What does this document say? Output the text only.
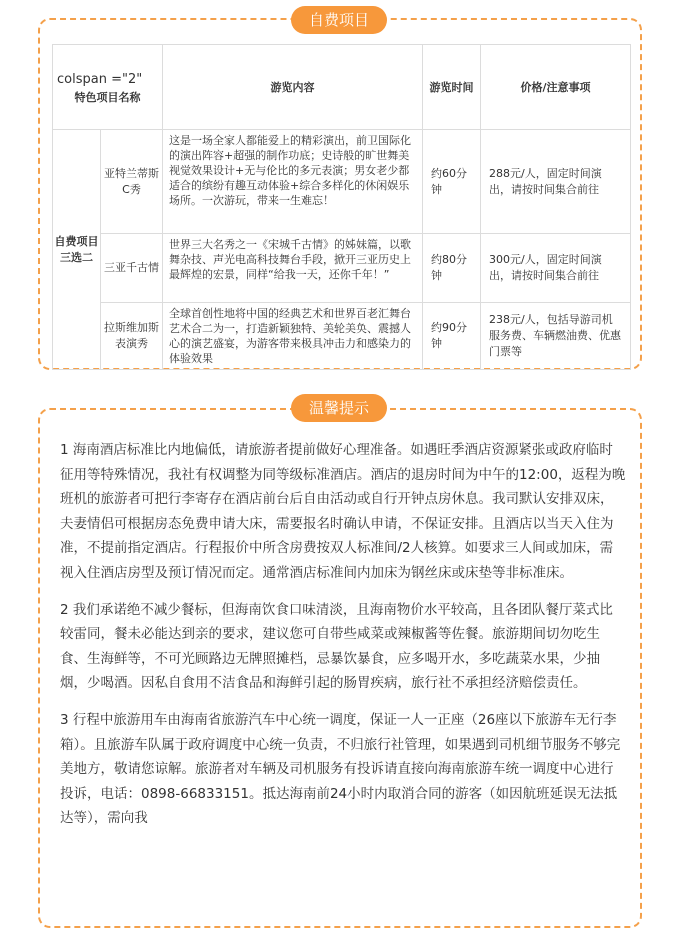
自费项目
colspan ="2"
特色项目名称		游览内容	游览时间	价格/注意事项
自费项目三选二	亚特兰蒂斯C秀	这是一场全家人都能爱上的精彩演出，前卫国际化的演出阵容+超强的制作功底；史诗般的旷世舞美视觉效果设计+无与伦比的多元表演；男女老少都适合的缤纷有趣互动体验+综合多样化的休闲娱乐场所。一次游玩，带来一生难忘！	约60分钟	288元/人，固定时间演出，请按时间集合前往
	三亚千古情	世界三大名秀之一《宋城千古情》的姊妹篇，以歌舞杂技、声光电高科技舞台手段，掀开三亚历史上最辉煌的宏景，同样“给我一天，还你千年！”	约80分钟	300元/人，固定时间演出，请按时间集合前往
	拉斯维加斯表演秀	全球首创性地将中国的经典艺术和世界百老汇舞台艺术合二为一，打造新颖独特、美轮美奂、震撼人心的演艺盛宴，为游客带来极具冲击力和感染力的体验效果	约90分钟	238元/人，包括导游司机服务费、车辆燃油费、优惠门票等
温馨提示

1 海南酒店标准比内地偏低，请旅游者提前做好心理准备。如遇旺季酒店资源紧张或政府临时征用等特殊情况，我社有权调整为同等级标准酒店。酒店的退房时间为中午的12:00，返程为晚班机的旅游者可把行李寄存在酒店前台后自由活动或自行开钟点房休息。我司默认安排双床，夫妻情侣可根据房态免费申请大床，需要报名时确认申请，不保证安排。且酒店以当天入住为准，不提前指定酒店。行程报价中所含房费按双人标准间/2人核算。如要求三人间或加床，需视入住酒店房型及预订情况而定。通常酒店标准间内加床为钢丝床或床垫等非标准床。

2 我们承诺绝不减少餐标，但海南饮食口味清淡，且海南物价水平较高，且各团队餐厅菜式比较雷同，餐未必能达到亲的要求，建议您可自带些咸菜或辣椒酱等佐餐。旅游期间切勿吃生食、生海鲜等，不可光顾路边无牌照摊档，忌暴饮暴食，应多喝开水，多吃蔬菜水果，少抽烟，少喝酒。因私自食用不洁食品和海鲜引起的肠胃疾病，旅行社不承担经济赔偿责任。

3 行程中旅游用车由海南省旅游汽车中心统一调度，保证一人一正座（26座以下旅游车无行李箱）。且旅游车队属于政府调度中心统一负责，不归旅行社管理，如果遇到司机细节服务不够完美地方，敬请您谅解。旅游者对车辆及司机服务有投诉请直接向海南旅游车统一调度中心进行投诉，电话：0898-66833151。抵达海南前24小时内取消合同的游客（如因航班延误无法抵达等），需向我
